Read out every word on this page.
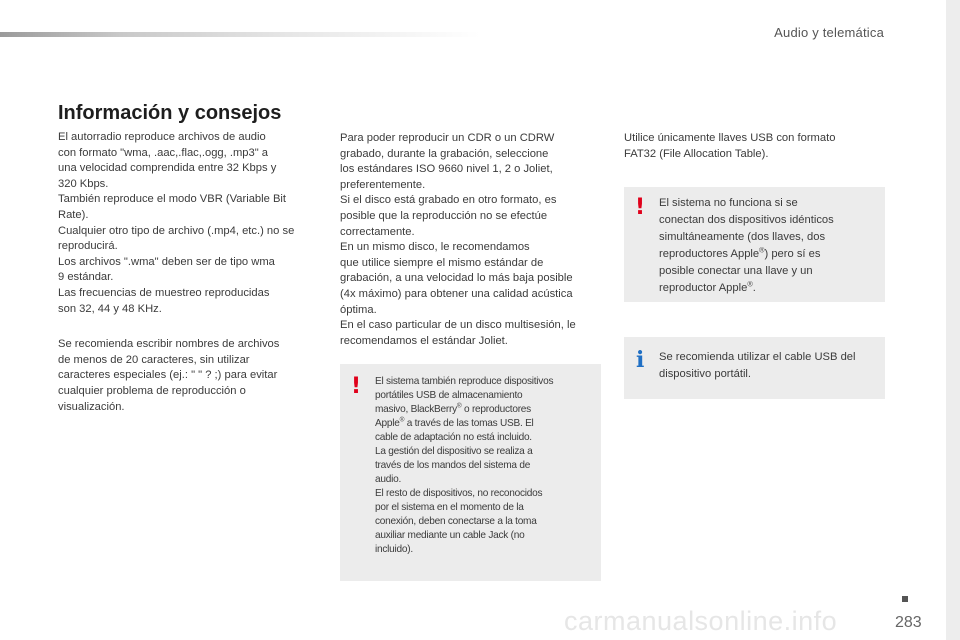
Audio y telemática
Información y consejos

El autorradio reproduce archivos de audio
con formato "wma, .aac,.flac,.ogg, .mp3" a
una velocidad comprendida entre 32 Kbps y
320 Kbps.
También reproduce el modo VBR (Variable Bit
Rate).
Cualquier otro tipo de archivo (.mp4, etc.) no se
reproducirá.
Los archivos ".wma" deben ser de tipo wma
9 estándar.
Las frecuencias de muestreo reproducidas
son 32, 44 y 48 KHz.

Se recomienda escribir nombres de archivos
de menos de 20 caracteres, sin utilizar
caracteres especiales (ej.: " " ? ;) para evitar
cualquier problema de reproducción o
visualización.

Para poder reproducir un CDR o un CDRW
grabado, durante la grabación, seleccione
los estándares ISO 9660 nivel 1, 2 o Joliet,
preferentemente.
Si el disco está grabado en otro formato, es
posible que la reproducción no se efectúe
correctamente.
En un mismo disco, le recomendamos
que utilice siempre el mismo estándar de
grabación, a una velocidad lo más baja posible
(4x máximo) para obtener una calidad acústica
óptima.
En el caso particular de un disco multisesión, le
recomendamos el estándar Joliet.

! El sistema también reproduce dispositivos
portátiles USB de almacenamiento
masivo, BlackBerry® o reproductores
Apple® a través de las tomas USB. El
cable de adaptación no está incluido.
La gestión del dispositivo se realiza a
través de los mandos del sistema de
audio.
El resto de dispositivos, no reconocidos
por el sistema en el momento de la
conexión, deben conectarse a la toma
auxiliar mediante un cable Jack (no
incluido).

Utilice únicamente llaves USB con formato
FAT32 (File Allocation Table).

! El sistema no funciona si se
conectan dos dispositivos idénticos
simultáneamente (dos llaves, dos
reproductores Apple®) pero sí es
posible conectar una llave y un
reproductor Apple®.
i Se recomienda utilizar el cable USB del
dispositivo portátil.
carmanualsonline.info	283
